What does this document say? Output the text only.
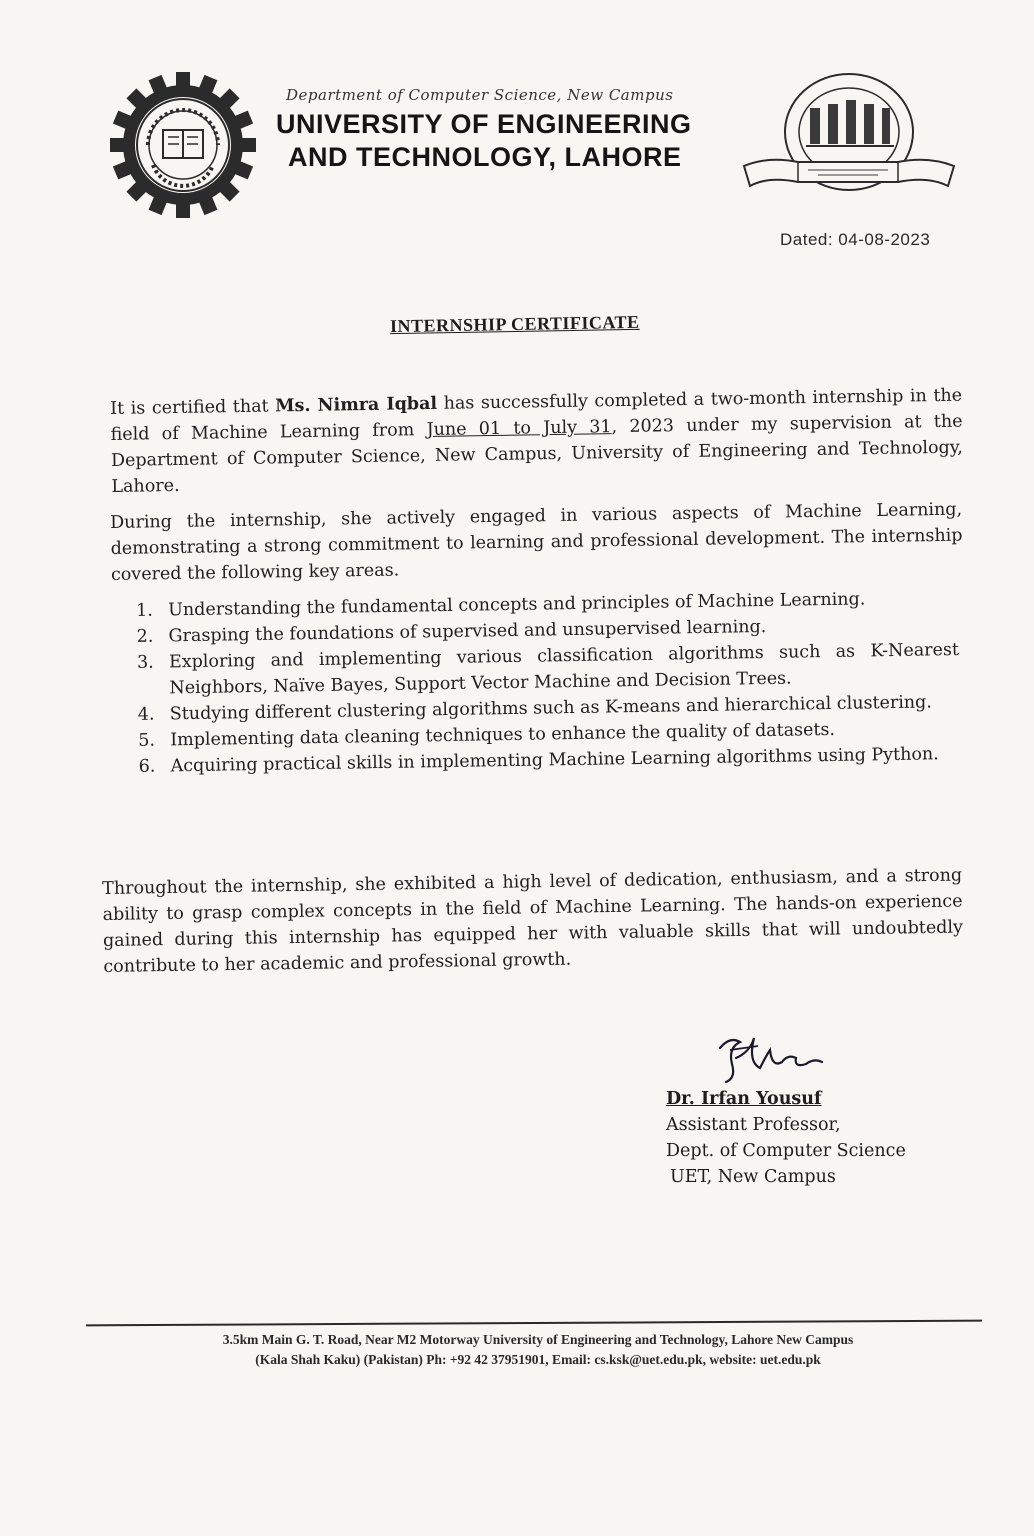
Department of Computer Science, New Campus
UNIVERSITY OF ENGINEERING
AND TECHNOLOGY, LAHORE
Dated: 04-08-2023
INTERNSHIP CERTIFICATE
It is certified that Ms. Nimra Iqbal has successfully completed a two-month internship in the field of Machine Learning from June 01 to July 31, 2023 under my supervision at the Department of Computer Science, New Campus, University of Engineering and Technology, Lahore.
During the internship, she actively engaged in various aspects of Machine Learning, demonstrating a strong commitment to learning and professional development. The internship covered the following key areas.
1. Understanding the fundamental concepts and principles of Machine Learning.
2. Grasping the foundations of supervised and unsupervised learning.
3. Exploring and implementing various classification algorithms such as K-Nearest Neighbors, Naïve Bayes, Support Vector Machine and Decision Trees.
4. Studying different clustering algorithms such as K-means and hierarchical clustering.
5. Implementing data cleaning techniques to enhance the quality of datasets.
6. Acquiring practical skills in implementing Machine Learning algorithms using Python.
Throughout the internship, she exhibited a high level of dedication, enthusiasm, and a strong ability to grasp complex concepts in the field of Machine Learning. The hands-on experience gained during this internship has equipped her with valuable skills that will undoubtedly contribute to her academic and professional growth.
Dr. Irfan Yousuf
Assistant Professor,
Dept. of Computer Science
UET, New Campus
3.5km Main G. T. Road, Near M2 Motorway University of Engineering and Technology, Lahore New Campus
(Kala Shah Kaku) (Pakistan) Ph: +92 42 37951901, Email: cs.ksk@uet.edu.pk, website: uet.edu.pk
